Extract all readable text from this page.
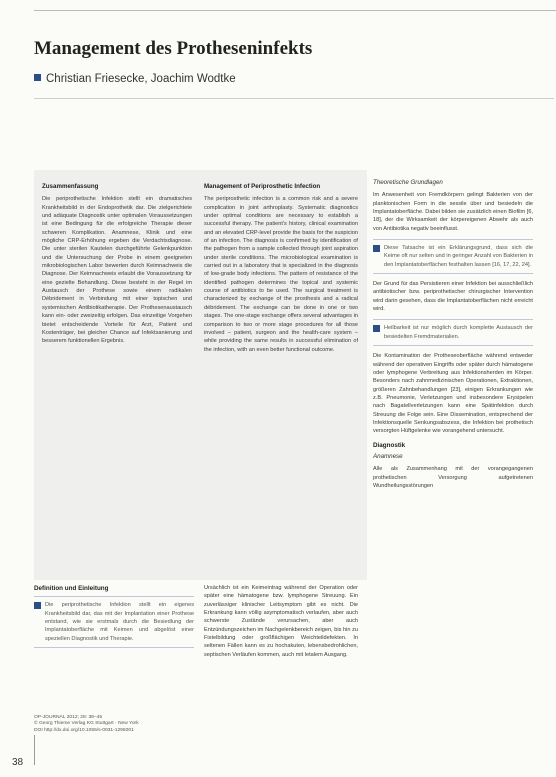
Management des Protheseninfekts
Christian Friesecke, Joachim Wodtke
Zusammenfassung

Die periprothetische Infektion stellt ein dramatisches Krankheitsbild in der Endoprothetik dar. Die zielgerichtete und adäquate Diagnostik unter optimalen Voraussetzungen ist eine Bedingung für die erfolgreiche Therapie dieser schweren Komplikation. Anamnese, Klinik und eine mögliche CRP-Erhöhung ergeben die Verdachtsdiagnose. Die unter sterilen Kautelen durchgeführte Gelenkpunktion und die Untersuchung der Probe in einem geeigneten mikrobiologischen Labor bewerten durch Keimnachweis die Diagnose. Der Keimnachweis erlaubt die Voraussetzung für eine gezielte Behandlung. Diese besteht in der Regel im Austausch der Prothese sowie einem radikalen Débridement in Verbindung mit einer topischen und systemischen Antibiotikatherapie. Der Prothesenaustausch kann ein- oder zweizeitig erfolgen. Das einzeitige Vorgehen bietet entscheidende Vorteile für Arzt, Patient und Kostenträger, bei gleicher Chance auf Infektsanierung und besserem funktionellen Ergebnis.

Management of Periprosthetic Infection

The periprosthetic infection is a common risk and a severe complication in joint arthroplasty. Systematic diagnostics under optimal conditions are necessary to establish a successful therapy. The patient's history, clinical examination and an elevated CRP-level provide the basis for the suspicion of an infection. The diagnosis is confirmed by identification of the pathogen from a sample collected through joint aspiration under sterile conditions. The microbiological examination is carried out in a laboratory that is specialized in the diagnosis of low-grade body infections. The pattern of resistance of the identified pathogen determines the topical and systemic course of antibiotics to be used. The surgical treatment is characterized by exchange of the prosthesis and a radical débridement. The exchange can be done in one or two stages. The one-stage exchange offers several advantages in comparison to two or more stage procedures for all those involved – patient, surgeon and the health-care system – while providing the same results in successful elimination of the infection, with an even better functional outcome.

Definition und Einleitung

Die periprothetische Infektion stellt ein eigenes Krankheitsbild dar, das mit der Implantation einer Prothese entstand, wie sie erstmals durch die Besiedlung der Implantatoberfläche mit Keimen und abgelöst einer speziellen Diagnostik und Therapie.

OP-JOURNAL 2012; 28: 38–45
© Georg Thieme Verlag KG Stuttgart · New York
DOI http://dx.doi.org/10.1055/s-0031-1295001

Ursächlich ist ein Keimeintrag während der Operation oder später eine hämatogene bzw. lymphogene Streuung. Ein zuverlässiger klinischer Leitsymptom gibt es nicht. Die Erkrankung kann völlig asymptomatisch verlaufen, aber auch schwerste Zustände verursachen, aber auch Entzündungszeichen im Nachgelenkbereich zeigen, bis hin zu Fistelbildung oder großflächigen Weichteildefekten. In seltenen Fällen kann es zu hochakuten, lebensbedrohlichen, septischen Verläufen kommen, auch mit letalem Ausgang.

Theoretische Grundlagen

Im Anwesenheit von Fremdkörpern gelingt Bakterien von der planktonischen Form in die sessile über und besiedeln die Implantatoberfläche. Dabei bilden sie zusätzlich einen Biofilm [6, 18], der die Wirksamkeit der körpereigenen Abwehr als auch von Antibiotika negativ beeinflusst.

Diese Tatsache ist ein Erklärungsgrund, dass sich die Keime oft nur selten und in geringer Anzahl von Bakterien in den Implantatoberflächen festhalten lassen [16, 17, 22, 24].

Der Grund für das Persistieren einer Infektion bei ausschließlich antibiotischer bzw. periprothetischer chirurgischer Intervention wird darin gesehen, dass die Implantatoberflächen nicht erreicht wird.

Heilbarkeit ist nur möglich durch komplette Austausch der besiedelten Fremdmaterialien.

Die Kontamination der Protheseoberfläche während entweder während der operativen Eingriffs oder später durch hämatogene oder lymphogene Verbreitung aus Infektionsherden im Körper. Besonders nach zahnmedizinischen Operationen, Extraktionen, größeren Zahnbehandlungen [23], einigen Erkrankungen wie z.B. Pneumonie, Verletzungen und insbesondere Erysipelen nach Bagatellverletzungen kann eine Spätinfektion durch Streuung die Folge sein. Eine Dissemination, entsprechend der Infektionsquelle Senkungsabszess, die Infektion bei prothetisch versorgten Hüftgelenke wie vorangehend untersucht.

Diagnostik
Anamnese

Alle als Zusammenhang mit der vorangegangenen prothetischen Versorgung aufgetretenen Wundheilungsstörungen

38
